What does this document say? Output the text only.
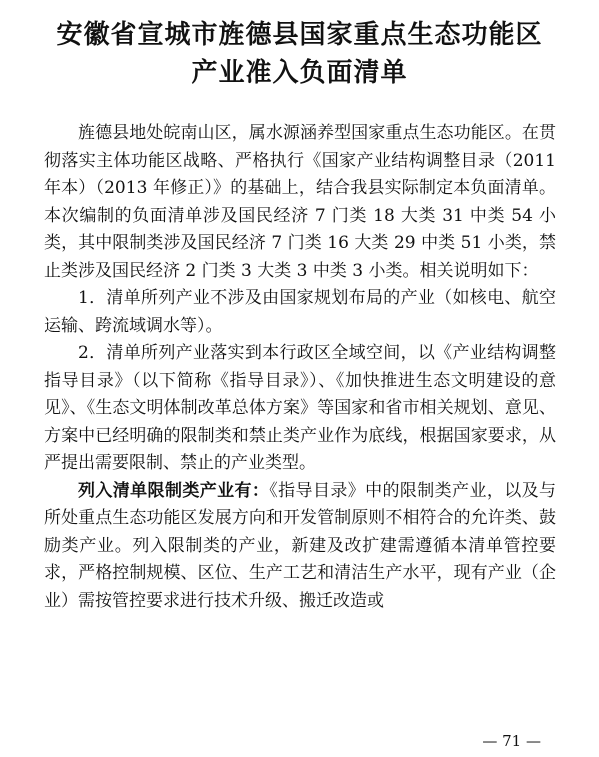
安徽省宣城市旌德县国家重点生态功能区
产业准入负面清单

旌德县地处皖南山区，属水源涵养型国家重点生态功能区。在贯彻落实主体功能区战略、严格执行《国家产业结构调整目录（2011 年本）（2013 年修正）》的基础上，结合我县实际制定本负面清单。本次编制的负面清单涉及国民经济 7 门类 18 大类 31 中类 54 小类，其中限制类涉及国民经济 7 门类 16 大类 29 中类 51 小类，禁止类涉及国民经济 2 门类 3 大类 3 中类 3 小类。相关说明如下：

1．清单所列产业不涉及由国家规划布局的产业（如核电、航空运输、跨流域调水等）。

2．清单所列产业落实到本行政区全域空间，以《产业结构调整指导目录》（以下简称《指导目录》）、《加快推进生态文明建设的意见》、《生态文明体制改革总体方案》等国家和省市相关规划、意见、方案中已经明确的限制类和禁止类产业作为底线，根据国家要求，从严提出需要限制、禁止的产业类型。

列入清单限制类产业有：《指导目录》中的限制类产业，以及与所处重点生态功能区发展方向和开发管制原则不相符合的允许类、鼓励类产业。列入限制类的产业，新建及改扩建需遵循本清单管控要求，严格控制规模、区位、生产工艺和清洁生产水平，现有产业（企业）需按管控要求进行技术升级、搬迁改造或

— 71 —
